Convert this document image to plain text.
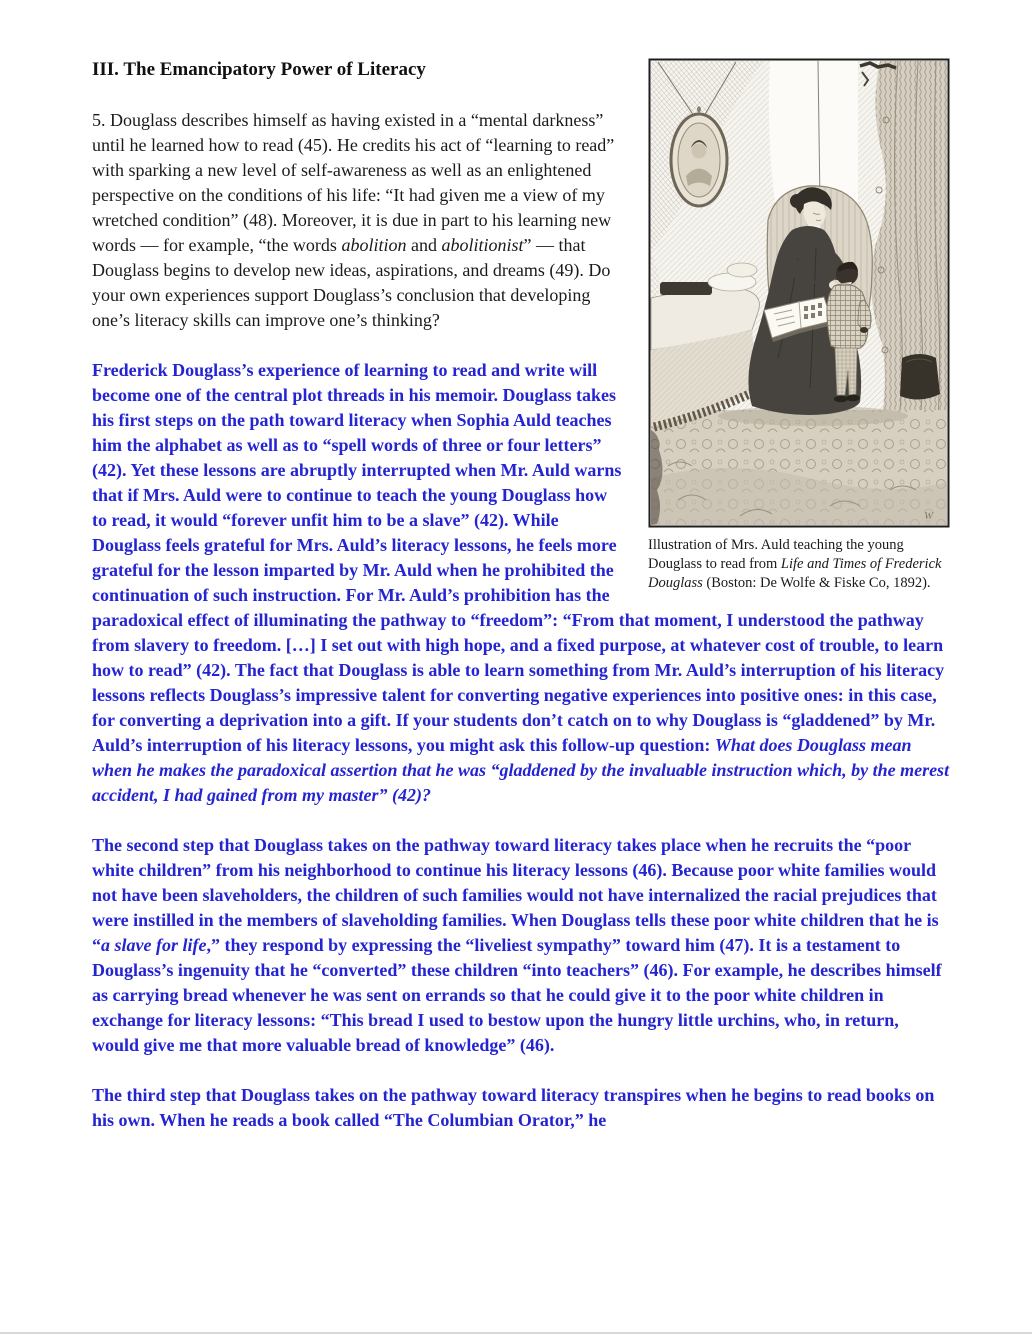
W
Illustration of Mrs. Auld teaching the young Douglass to read from Life and Times of Frederick Douglass (Boston: De Wolfe & Fiske Co, 1892).
III. The Emancipatory Power of Literacy

5. Douglass describes himself as having existed in a “mental darkness” until he learned how to read (45). He credits his act of “learning to read” with sparking a new level of self-awareness as well as an enlightened perspective on the conditions of his life: “It had given me a view of my wretched condition” (48). Moreover, it is due in part to his learning new words — for example, “the words abolition and abolitionist” — that Douglass begins to develop new ideas, aspirations, and dreams (49). Do your own experiences support Douglass’s conclusion that developing one’s literacy skills can improve one’s thinking?

Frederick Douglass’s experience of learning to read and write will become one of the central plot threads in his memoir. Douglass takes his first steps on the path toward literacy when Sophia Auld teaches him the alphabet as well as to “spell words of three or four letters” (42). Yet these lessons are abruptly interrupted when Mr. Auld warns that if Mrs. Auld were to continue to teach the young Douglass how to read, it would “forever unfit him to be a slave” (42). While Douglass feels grateful for Mrs. Auld’s literacy lessons, he feels more grateful for the lesson imparted by Mr. Auld when he prohibited the continuation of such instruction. For Mr. Auld’s prohibition has the paradoxical effect of illuminating the pathway to “freedom”: “From that moment, I understood the pathway from slavery to freedom. […] I set out with high hope, and a fixed purpose, at whatever cost of trouble, to learn how to read” (42). The fact that Douglass is able to learn something from Mr. Auld’s interruption of his literacy lessons reflects Douglass’s impressive talent for converting negative experiences into positive ones: in this case, for converting a deprivation into a gift. If your students don’t catch on to why Douglass is “gladdened” by Mr. Auld’s interruption of his literacy lessons, you might ask this follow-up question: What does Douglass mean when he makes the paradoxical assertion that he was “gladdened by the invaluable instruction which, by the merest accident, I had gained from my master” (42)?

The second step that Douglass takes on the pathway toward literacy takes place when he recruits the “poor white children” from his neighborhood to continue his literacy lessons (46). Because poor white families would not have been slaveholders, the children of such families would not have internalized the racial prejudices that were instilled in the members of slaveholding families. When Douglass tells these poor white children that he is “a slave for life,” they respond by expressing the “liveliest sympathy” toward him (47). It is a testament to Douglass’s ingenuity that he “converted” these children “into teachers” (46). For example, he describes himself as carrying bread whenever he was sent on errands so that he could give it to the poor white children in exchange for literacy lessons: “This bread I used to bestow upon the hungry little urchins, who, in return, would give me that more valuable bread of knowledge” (46).

The third step that Douglass takes on the pathway toward literacy transpires when he begins to read books on his own. When he reads a book called “The Columbian Orator,” he
